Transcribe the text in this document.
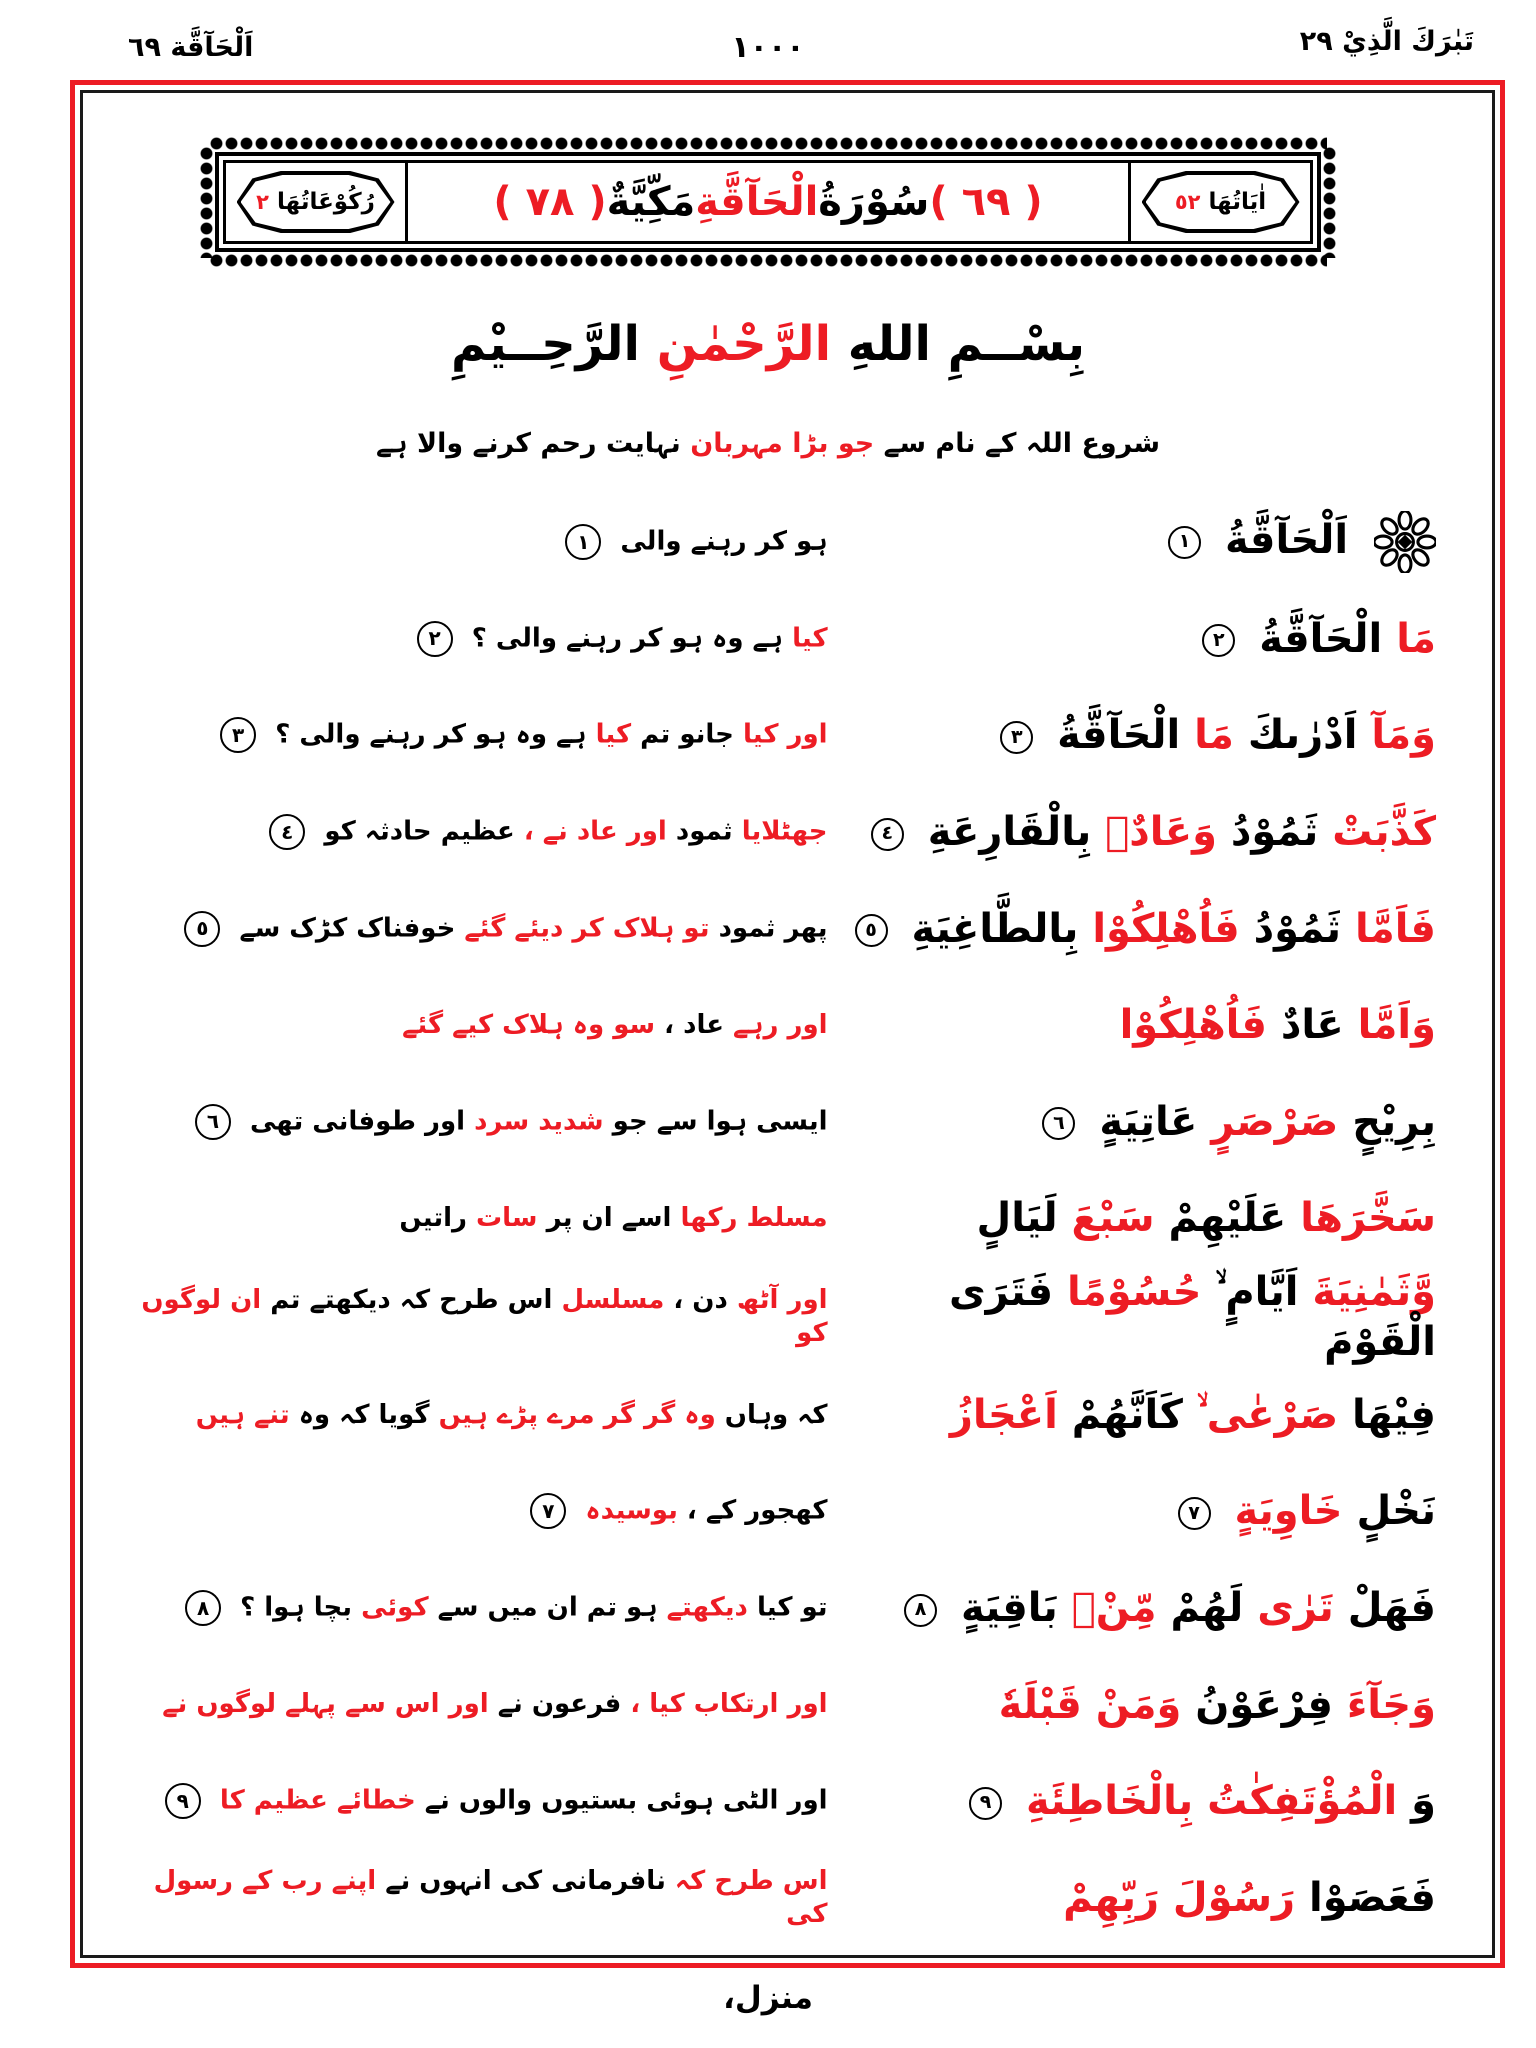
تَبٰرَكَ الَّذِيْ ٢٩
١٠٠٠
اَلْحَآقَّة ٦٩
اٰيَاتُهَا ٥٢
( ٦٩ )
سُوْرَةُ
الْحَآقَّةِ
مَكِّيَّةٌ
( ٧٨ )
رُكُوْعَاتُهَا ٢
بِسْــمِ اللهِ الرَّحْمٰنِ الرَّحِــيْمِ
شروع اللہ کے نام سے جو بڑا مہربان نہایت رحم کرنے والا ہے
اَلْحَآقَّةُ ١
ہو کر رہنے والی ١
مَا الْحَآقَّةُ ٢
کیا ہے وہ ہو کر رہنے والی ؟ ٢
وَمَآ اَدْرٰىكَ مَا الْحَآقَّةُ ٣
اور کیا جانو تم کیا ہے وہ ہو کر رہنے والی ؟ ٣
كَذَّبَتْ ثَمُوْدُ وَعَادٌۢ بِالْقَارِعَةِ ٤
جھٹلایا ثمود اور عاد نے ، عظیم حادثہ کو ٤
فَاَمَّا ثَمُوْدُ فَاُهْلِكُوْا بِالطَّاغِيَةِ ٥
پھر ثمود تو ہلاک کر دیئے گئے خوفناک کڑک سے ٥
وَاَمَّا عَادٌ فَاُهْلِكُوْا
اور رہے عاد ، سو وہ ہلاک کیے گئے
بِرِيْحٍ صَرْصَرٍ عَاتِيَةٍ ٦
ایسی ہوا سے جو شدید سرد اور طوفانی تھی ٦
سَخَّرَهَا عَلَيْهِمْ سَبْعَ لَيَالٍ
مسلط رکھا اسے ان پر سات راتیں
وَّثَمٰنِيَةَ اَيَّامٍ ۙ حُسُوْمًا فَتَرَى الْقَوْمَ
اور آٹھ دن ، مسلسل اس طرح کہ دیکھتے تم ان لوگوں کو
فِيْهَا صَرْعٰى ۙ كَاَنَّهُمْ اَعْجَازُ
کہ وہاں وہ گر گر مرے پڑے ہیں گویا کہ وہ تنے ہیں
نَخْلٍ خَاوِيَةٍ ٧
کھجور کے ، بوسیدہ ٧
فَهَلْ تَرٰى لَهُمْ مِّنْۢ بَاقِيَةٍ ٨
تو کیا دیکھتے ہو تم ان میں سے کوئی بچا ہوا ؟ ٨
وَجَآءَ فِرْعَوْنُ وَمَنْ قَبْلَهٗ
اور ارتکاب کیا ، فرعون نے اور اس سے پہلے لوگوں نے
وَ الْمُؤْتَفِكٰتُ بِالْخَاطِئَةِ ٩
اور الٹی ہوئی بستیوں والوں نے خطائے عظیم کا ٩
فَعَصَوْا رَسُوْلَ رَبِّهِمْ
اس طرح کہ نافرمانی کی انہوں نے اپنے رب کے رسول کی
منزل،
